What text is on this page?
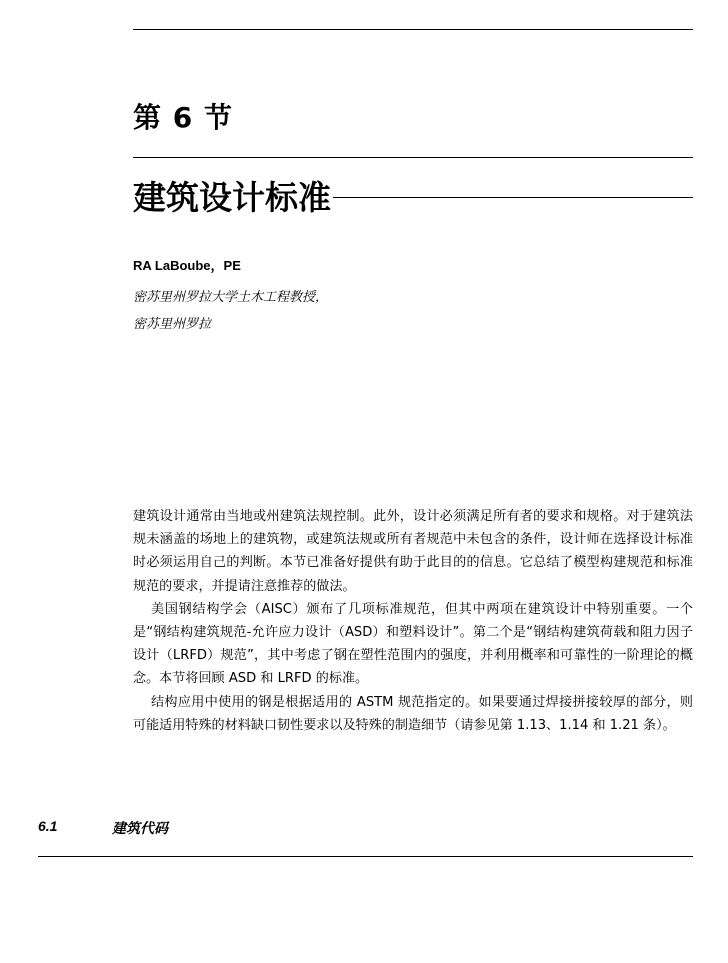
第 6 节
建筑设计标准

RA LaBoube，PE

密苏里州罗拉大学土木工程教授，

密苏里州罗拉

建筑设计通常由当地或州建筑法规控制。此外，设计必须满足所有者的要求和规格。对于建筑法规未涵盖的场地上的建筑物，或建筑法规或所有者规范中未包含的条件，设计师在选择设计标准时必须运用自己的判断。本节已准备好提供有助于此目的的信息。它总结了模型构建规范和标准规范的要求，并提请注意推荐的做法。

美国钢结构学会（AISC）颁布了几项标准规范，但其中两项在建筑设计中特别重要。一个是“钢结构建筑规范-允许应力设计（ASD）和塑料设计”。第二个是“钢结构建筑荷载和阻力因子设计（LRFD）规范”，其中考虑了钢在塑性范围内的强度，并利用概率和可靠性的一阶理论的概念。本节将回顾 ASD 和 LRFD 的标准。

结构应用中使用的钢是根据适用的 ASTM 规范指定的。如果要通过焊接拼接较厚的部分，则可能适用特殊的材料缺口韧性要求以及特殊的制造细节（请参见第 1.13、1.14 和 1.21 条）。

6.1	建筑代码
